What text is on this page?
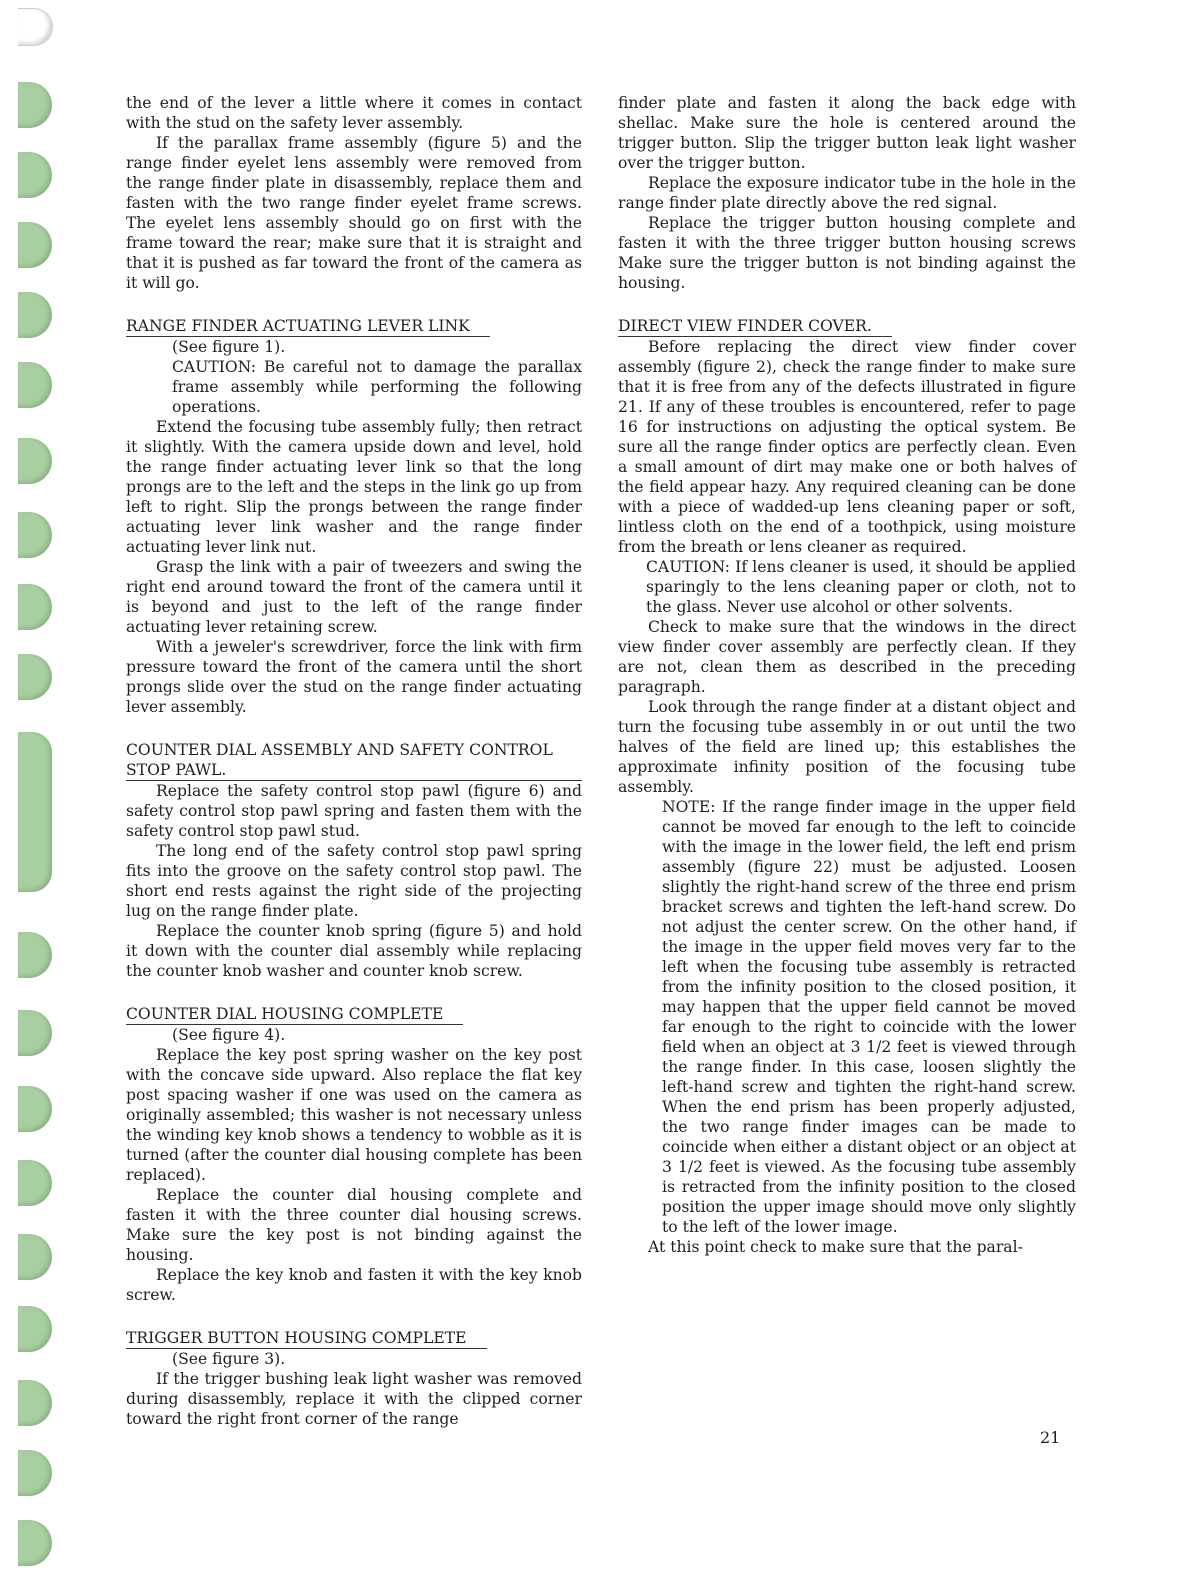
the end of the lever a little where it comes in contact with the stud on the safety lever assembly.

If the parallax frame assembly (figure 5) and the range finder eyelet lens assembly were removed from the range finder plate in disassembly, replace them and fasten with the two range finder eyelet frame screws. The eyelet lens assembly should go on first with the frame toward the rear; make sure that it is straight and that it is pushed as far toward the front of the camera as it will go.

RANGE FINDER ACTUATING LEVER LINK

(See figure 1).

CAUTION: Be careful not to damage the parallax frame assembly while performing the following operations.

Extend the focusing tube assembly fully; then retract it slightly. With the camera upside down and level, hold the range finder actuating lever link so that the long prongs are to the left and the steps in the link go up from left to right. Slip the prongs between the range finder actuating lever link washer and the range finder actuating lever link nut.

Grasp the link with a pair of tweezers and swing the right end around toward the front of the camera until it is beyond and just to the left of the range finder actuating lever retaining screw.

With a jeweler's screwdriver, force the link with firm pressure toward the front of the camera until the short prongs slide over the stud on the range finder actuating lever assembly.

COUNTER DIAL ASSEMBLY AND SAFETY CONTROL STOP PAWL.

Replace the safety control stop pawl (figure 6) and safety control stop pawl spring and fasten them with the safety control stop pawl stud.

The long end of the safety control stop pawl spring fits into the groove on the safety control stop pawl. The short end rests against the right side of the projecting lug on the range finder plate.

Replace the counter knob spring (figure 5) and hold it down with the counter dial assembly while replacing the counter knob washer and counter knob screw.

COUNTER DIAL HOUSING COMPLETE

(See figure 4).

Replace the key post spring washer on the key post with the concave side upward. Also replace the flat key post spacing washer if one was used on the camera as originally assembled; this washer is not necessary unless the winding key knob shows a tendency to wobble as it is turned (after the counter dial housing complete has been replaced).

Replace the counter dial housing complete and fasten it with the three counter dial housing screws. Make sure the key post is not binding against the housing.

Replace the key knob and fasten it with the key knob screw.

TRIGGER BUTTON HOUSING COMPLETE

(See figure 3).

If the trigger bushing leak light washer was removed during disassembly, replace it with the clipped corner toward the right front corner of the range

finder plate and fasten it along the back edge with shellac. Make sure the hole is centered around the trigger button. Slip the trigger button leak light washer over the trigger button.

Replace the exposure indicator tube in the hole in the range finder plate directly above the red signal.

Replace the trigger button housing complete and fasten it with the three trigger button housing screws Make sure the trigger button is not binding against the housing.

DIRECT VIEW FINDER COVER.

Before replacing the direct view finder cover assembly (figure 2), check the range finder to make sure that it is free from any of the defects illustrated in figure 21. If any of these troubles is encountered, refer to page 16 for instructions on adjusting the optical system. Be sure all the range finder optics are perfectly clean. Even a small amount of dirt may make one or both halves of the field appear hazy. Any required cleaning can be done with a piece of wadded-up lens cleaning paper or soft, lintless cloth on the end of a toothpick, using moisture from the breath or lens cleaner as required.

CAUTION: If lens cleaner is used, it should be applied sparingly to the lens cleaning paper or cloth, not to the glass. Never use alcohol or other solvents.

Check to make sure that the windows in the direct view finder cover assembly are perfectly clean. If they are not, clean them as described in the preceding paragraph.

Look through the range finder at a distant object and turn the focusing tube assembly in or out until the two halves of the field are lined up; this establishes the approximate infinity position of the focusing tube assembly.

NOTE: If the range finder image in the upper field cannot be moved far enough to the left to coincide with the image in the lower field, the left end prism assembly (figure 22) must be adjusted. Loosen slightly the right-hand screw of the three end prism bracket screws and tighten the left-hand screw. Do not adjust the center screw. On the other hand, if the image in the upper field moves very far to the left when the focusing tube assembly is retracted from the infinity position to the closed position, it may happen that the upper field cannot be moved far enough to the right to coincide with the lower field when an object at 3 1/2 feet is viewed through the range finder. In this case, loosen slightly the left-hand screw and tighten the right-hand screw. When the end prism has been properly adjusted, the two range finder images can be made to coincide when either a distant object or an object at 3 1/2 feet is viewed. As the focusing tube assembly is retracted from the infinity position to the closed position the upper image should move only slightly to the left of the lower image.

At this point check to make sure that the paral-

21
